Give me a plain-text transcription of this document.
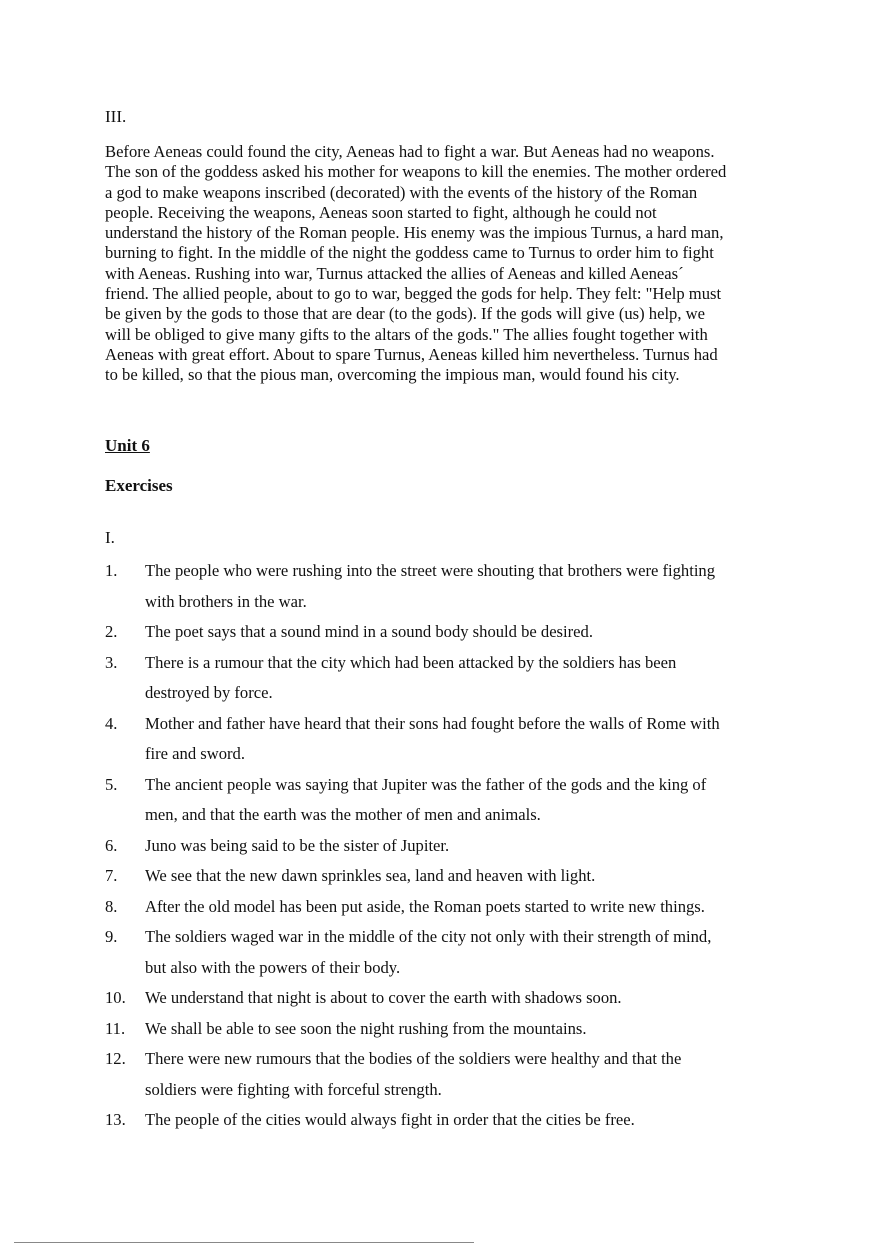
III.

Before Aeneas could found the city, Aeneas had to fight a war. But Aeneas had no weapons.
The son of the goddess asked his mother for weapons to kill the enemies. The mother ordered
a god to make weapons inscribed (decorated) with the events of the history of the Roman
people. Receiving the weapons, Aeneas soon started to fight, although he could not
understand the history of the Roman people. His enemy was the impious Turnus, a hard man,
burning to fight. In the middle of the night the goddess came to Turnus to order him to fight
with Aeneas. Rushing into war, Turnus attacked the allies of Aeneas and killed Aeneas´
friend. The allied people, about to go to war, begged the gods for help. They felt: "Help must
be given by the gods to those that are dear (to the gods). If the gods will give (us) help, we
will be obliged to give many gifts to the altars of the gods." The allies fought together with
Aeneas with great effort. About to spare Turnus, Aeneas killed him nevertheless. Turnus had
to be killed, so that the pious man, overcoming the impious man, would found his city.

Unit 6
Exercises
I.
1. The people who were rushing into the street were shouting that brothers were fighting
with brothers in the war.
2. The poet says that a sound mind in a sound body should be desired.
3. There is a rumour that the city which had been attacked by the soldiers has been
destroyed by force.
4. Mother and father have heard that their sons had fought before the walls of Rome with
fire and sword.
5. The ancient people was saying that Jupiter was the father of the gods and the king of
men, and that the earth was the mother of men and animals.
6. Juno was being said to be the sister of Jupiter.
7. We see that the new dawn sprinkles sea, land and heaven with light.
8. After the old model has been put aside, the Roman poets started to write new things.
9. The soldiers waged war in the middle of the city not only with their strength of mind,
but also with the powers of their body.
10. We understand that night is about to cover the earth with shadows soon.
11. We shall be able to see soon the night rushing from the mountains.
12. There were new rumours that the bodies of the soldiers were healthy and that the
soldiers were fighting with forceful strength.
13. The people of the cities would always fight in order that the cities be free.
